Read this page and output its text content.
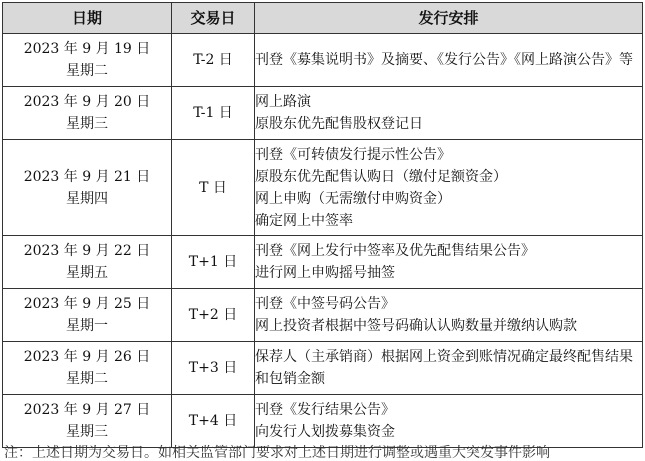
日期	交易日	发行安排

2023 年 9 月 19 日
星期二	T-2 日	刊登《募集说明书》及摘要、《发行公告》《网上路演公告》等

2023 年 9 月 20 日
星期三	T-1 日	网上路演
原股东优先配售股权登记日

2023 年 9 月 21 日
星期四	T 日	刊登《可转债发行提示性公告》
原股东优先配售认购日（缴付足额资金）
网上申购（无需缴付申购资金）
确定网上中签率

2023 年 9 月 22 日
星期五	T+1 日	刊登《网上发行中签率及优先配售结果公告》
进行网上申购摇号抽签

2023 年 9 月 25 日
星期一	T+2 日	刊登《中签号码公告》
网上投资者根据中签号码确认认购数量并缴纳认购款

2023 年 9 月 26 日
星期二	T+3 日	保荐人（主承销商）根据网上资金到账情况确定最终配售结果和包销金额

2023 年 9 月 27 日
星期三	T+4 日	刊登《发行结果公告》
向发行人划拨募集资金
注：上述日期为交易日。如相关监管部门要求对上述日期进行调整或遇重大突发事件影响
